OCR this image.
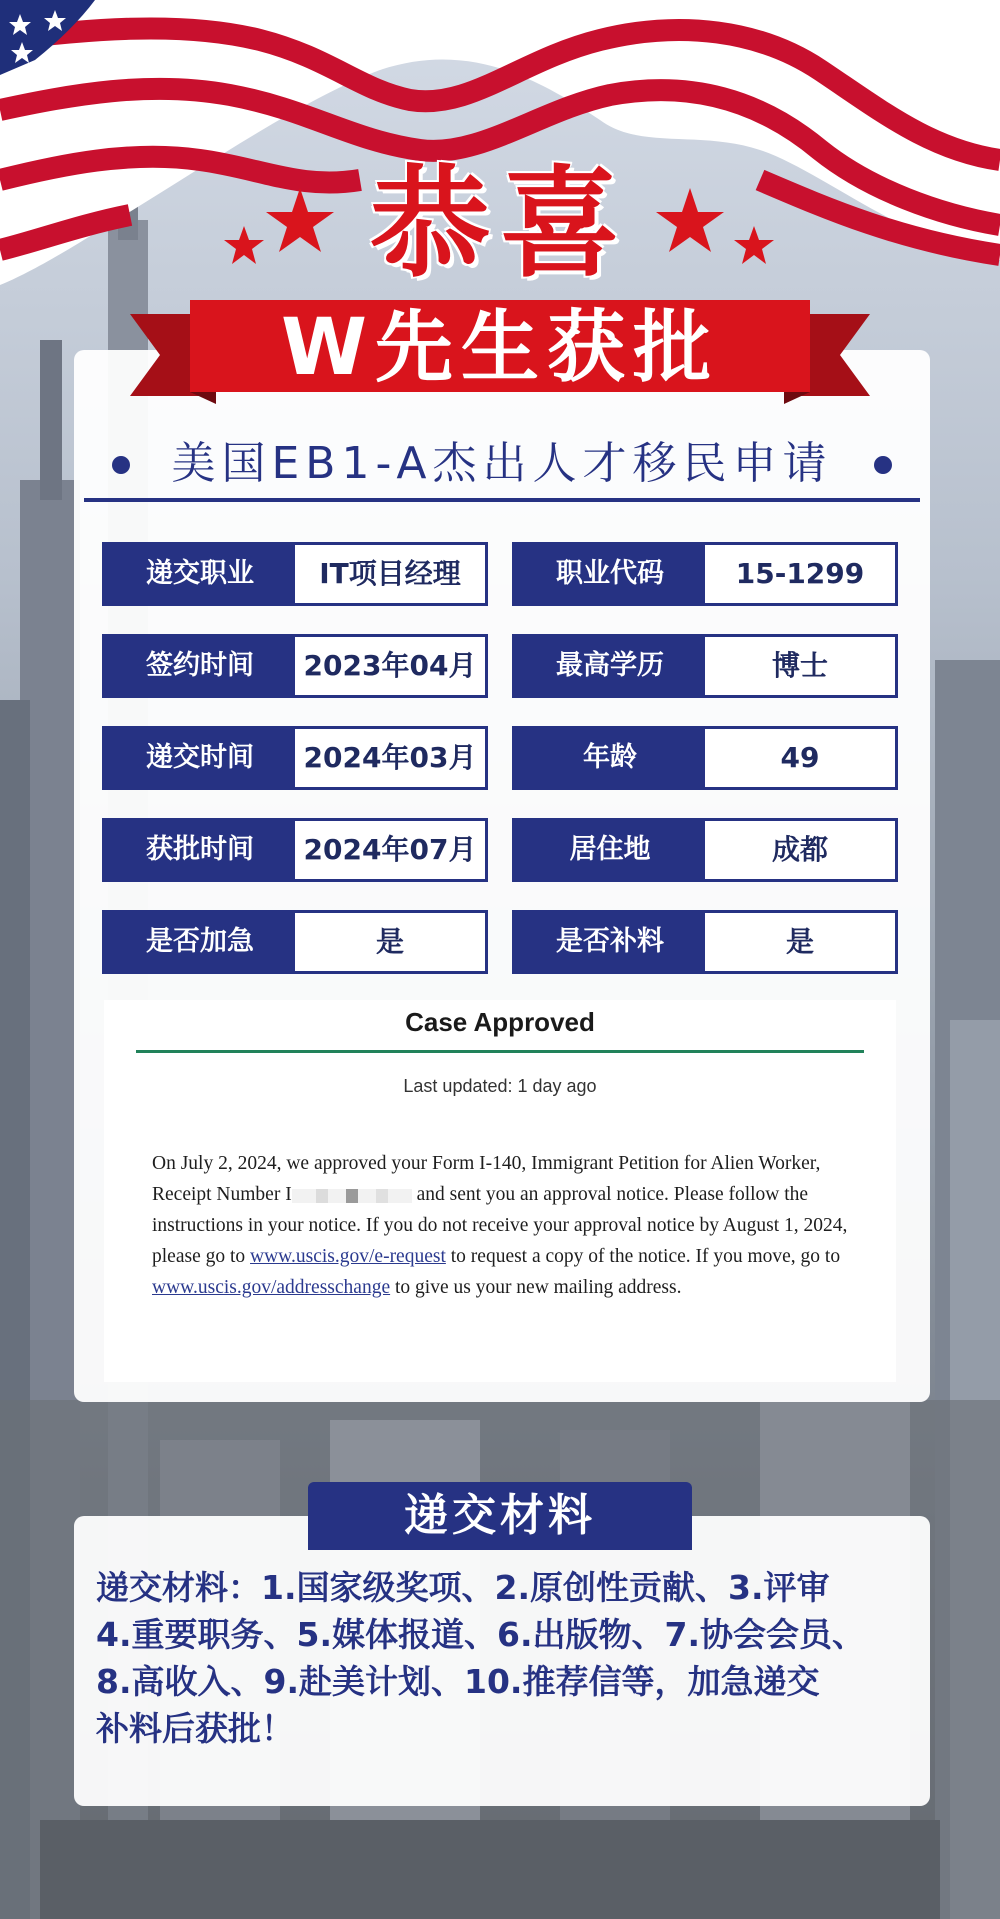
恭喜
W先生获批
美国EB1-A杰出人才移民申请
递交职业	IT项目经理	职业代码	15-1299
签约时间	2023年04月	最高学历	博士
递交时间	2024年03月	年龄	49
获批时间	2024年07月	居住地	成都
是否加急	是	是否补料	是
Case Approved
Last updated: 1 day ago
On July 2, 2024, we approved your Form I-140, Immigrant Petition for Alien Worker, Receipt Number I	and sent you an approval notice. Please follow the instructions in your notice. If you do not receive your approval notice by August 1, 2024, please go to www.uscis.gov/e-request to request a copy of the notice. If you move, go to www.uscis.gov/addresschange to give us your new mailing address.
递交材料
递交材料：1.国家级奖项、2.原创性贡献、3.评审
4.重要职务、5.媒体报道、6.出版物、7.协会会员、
8.高收入、9.赴美计划、10.推荐信等，加急递交
补料后获批！
